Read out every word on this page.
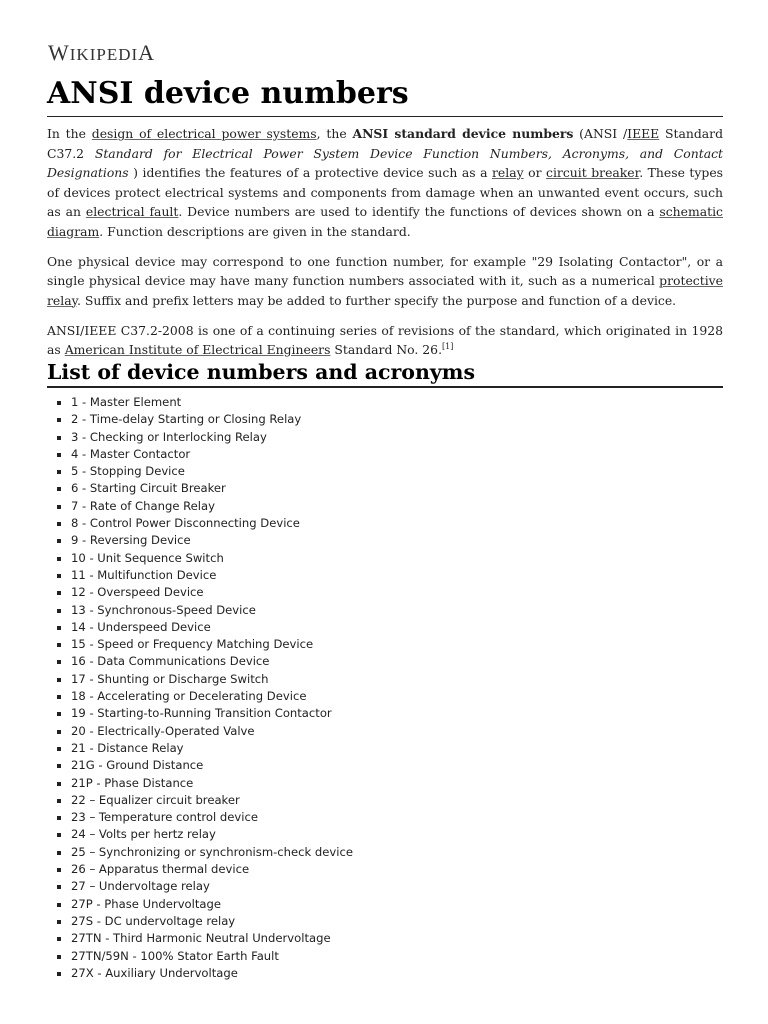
WIKIPEDIA
ANSI device numbers

In the design of electrical power systems, the ANSI standard device numbers (ANSI /IEEE Standard C37.2 Standard for Electrical Power System Device Function Numbers, Acronyms, and Contact Designations ) identifies the features of a protective device such as a relay or circuit breaker. These types of devices protect electrical systems and components from damage when an unwanted event occurs, such as an electrical fault. Device numbers are used to identify the functions of devices shown on a schematic diagram. Function descriptions are given in the standard.

One physical device may correspond to one function number, for example "29 Isolating Contactor", or a single physical device may have many function numbers associated with it, such as a numerical protective relay. Suffix and prefix letters may be added to further specify the purpose and function of a device.

ANSI/IEEE C37.2-2008 is one of a continuing series of revisions of the standard, which originated in 1928 as American Institute of Electrical Engineers Standard No. 26.[1]

List of device numbers and acronyms
1 - Master Element
2 - Time-delay Starting or Closing Relay
3 - Checking or Interlocking Relay
4 - Master Contactor
5 - Stopping Device
6 - Starting Circuit Breaker
7 - Rate of Change Relay
8 - Control Power Disconnecting Device
9 - Reversing Device
10 - Unit Sequence Switch
11 - Multifunction Device
12 - Overspeed Device
13 - Synchronous-Speed Device
14 - Underspeed Device
15 - Speed or Frequency Matching Device
16 - Data Communications Device
17 - Shunting or Discharge Switch
18 - Accelerating or Decelerating Device
19 - Starting-to-Running Transition Contactor
20 - Electrically-Operated Valve
21 - Distance Relay
21G - Ground Distance
21P - Phase Distance
22 – Equalizer circuit breaker
23 – Temperature control device
24 – Volts per hertz relay
25 – Synchronizing or synchronism-check device
26 – Apparatus thermal device
27 – Undervoltage relay
27P - Phase Undervoltage
27S - DC undervoltage relay
27TN - Third Harmonic Neutral Undervoltage
27TN/59N - 100% Stator Earth Fault
27X - Auxiliary Undervoltage
